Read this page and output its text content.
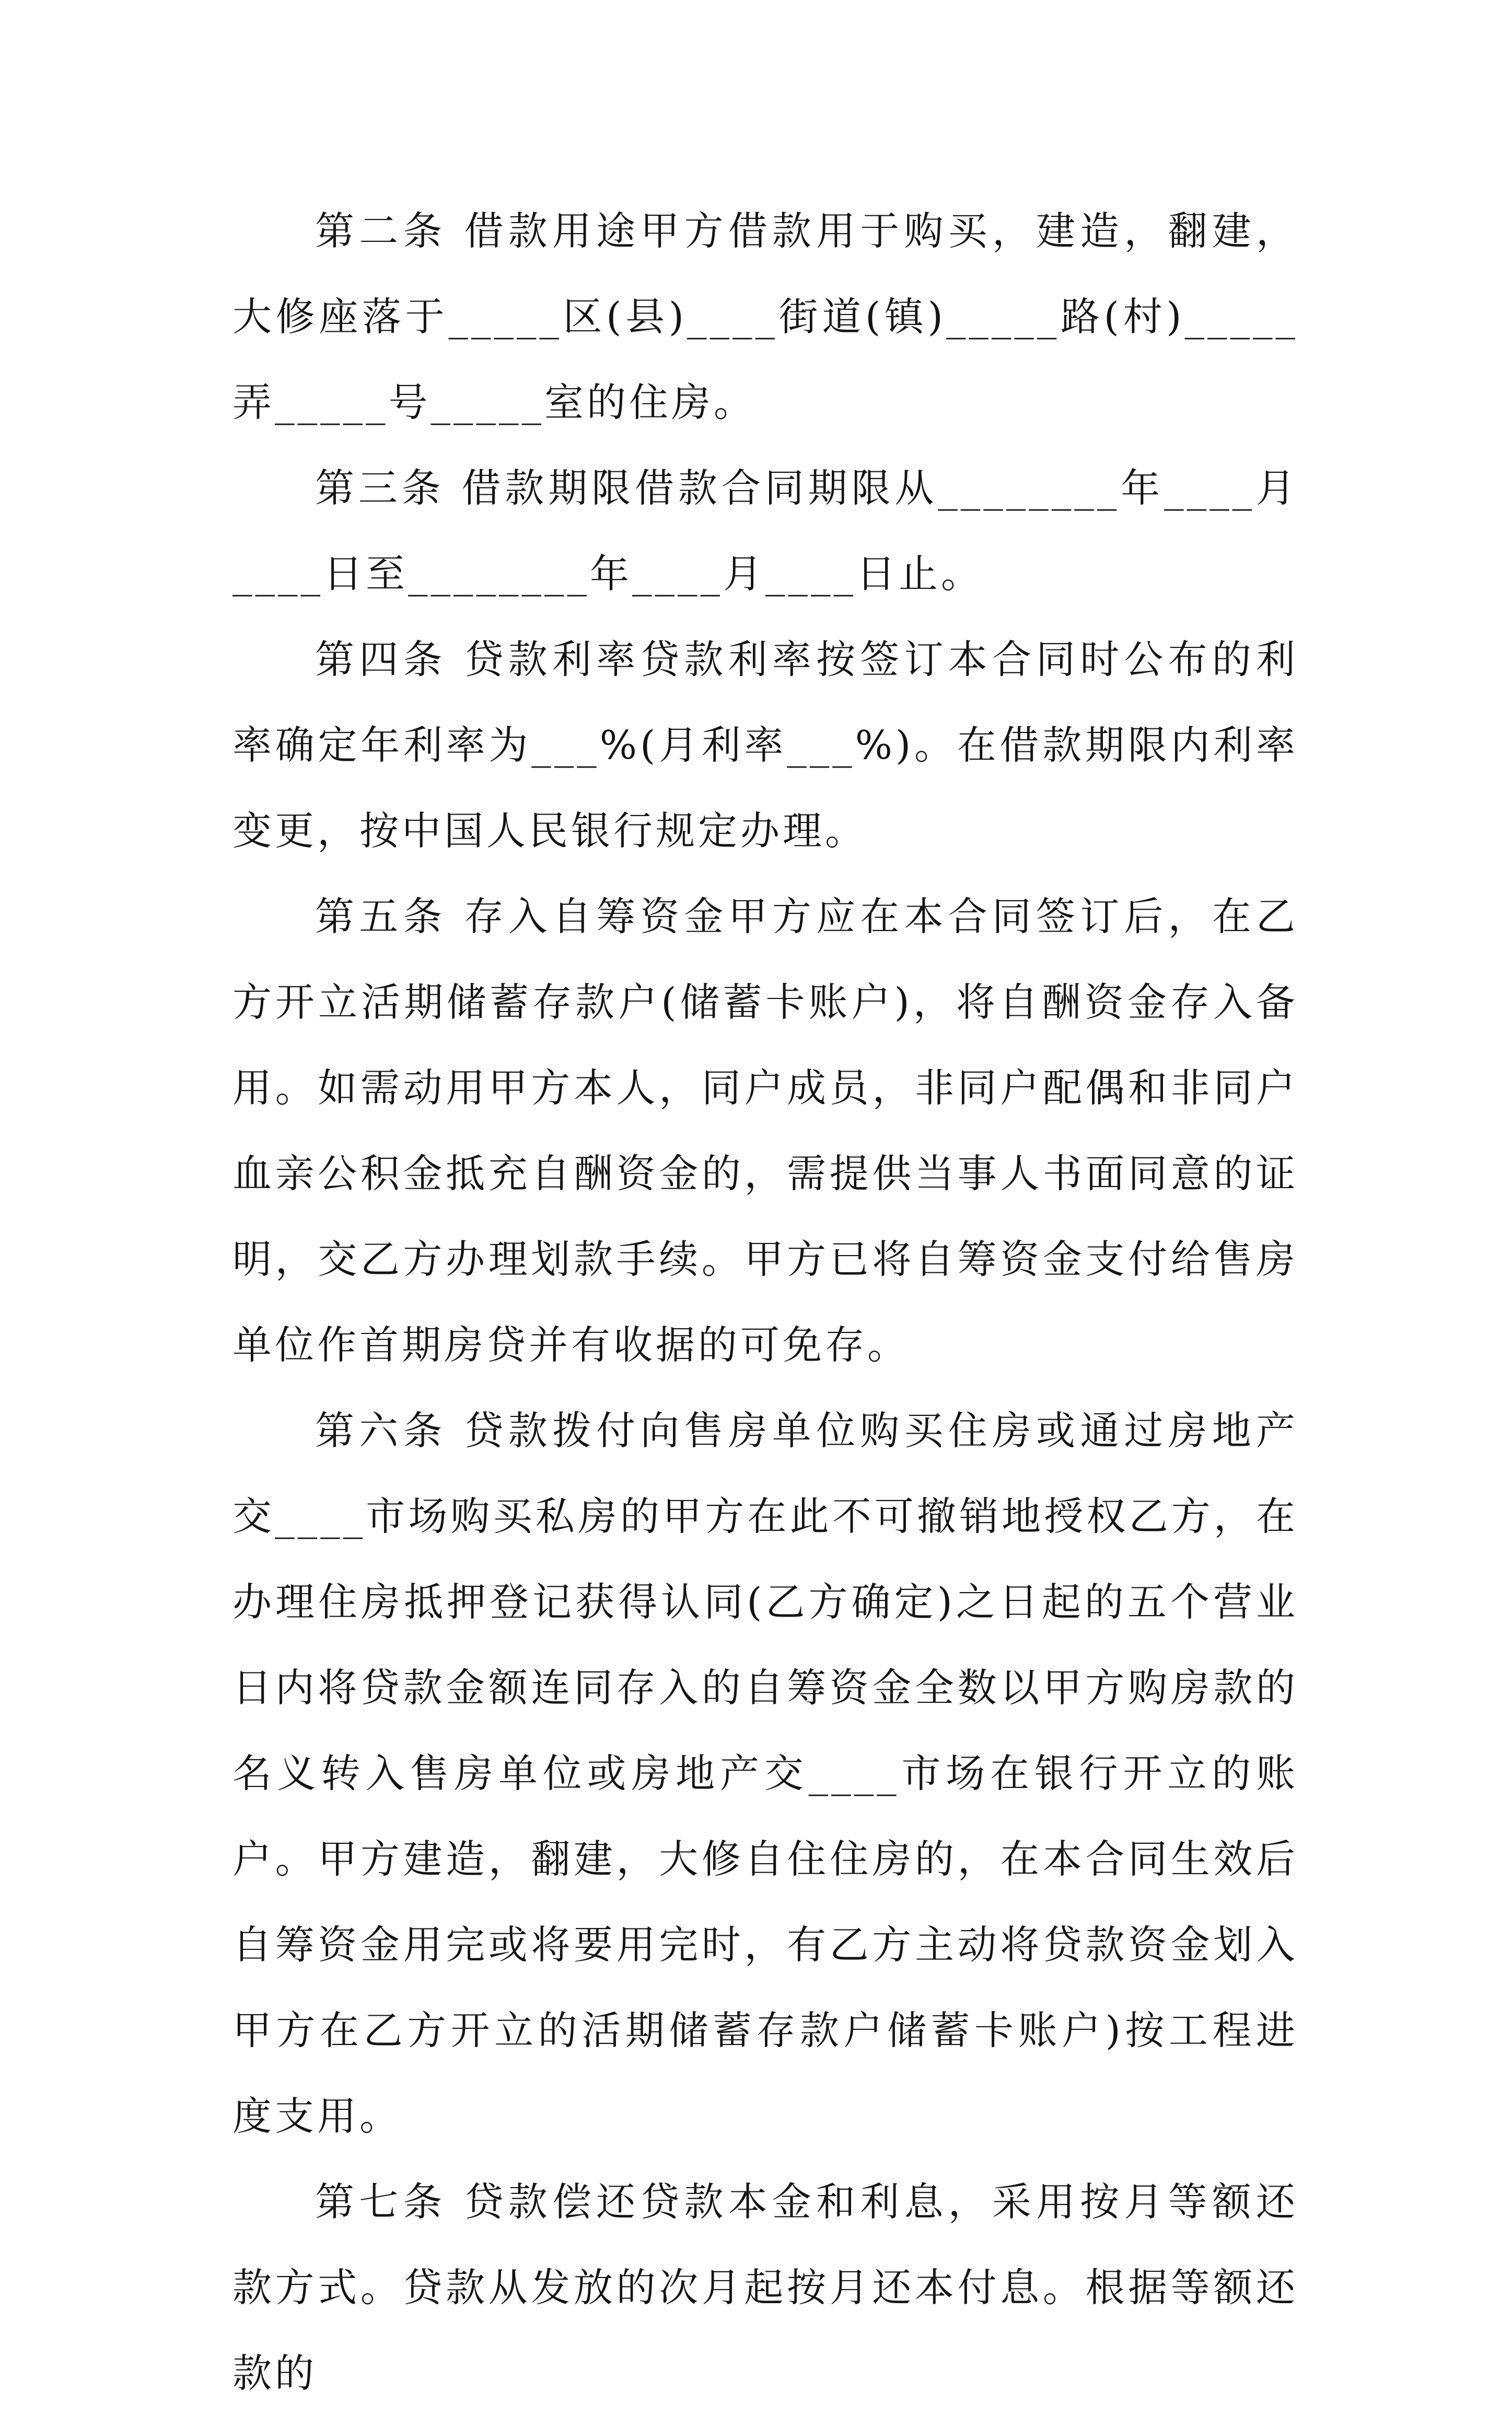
第二条 借款用途甲方借款用于购买，建造，翻建，大修座落于_____区(县)____街道(镇)_____路(村)_____弄_____号_____室的住房。

第三条 借款期限借款合同期限从________年____月____日至________年____月____日止。

第四条 贷款利率贷款利率按签订本合同时公布的利率确定年利率为___%(月利率___%)。在借款期限内利率变更，按中国人民银行规定办理。

第五条 存入自筹资金甲方应在本合同签订后，在乙方开立活期储蓄存款户(储蓄卡账户)，将自酬资金存入备用。如需动用甲方本人，同户成员，非同户配偶和非同户血亲公积金抵充自酬资金的，需提供当事人书面同意的证明，交乙方办理划款手续。甲方已将自筹资金支付给售房单位作首期房贷并有收据的可免存。

第六条 贷款拨付向售房单位购买住房或通过房地产交____市场购买私房的甲方在此不可撤销地授权乙方，在办理住房抵押登记获得认同(乙方确定)之日起的五个营业日内将贷款金额连同存入的自筹资金全数以甲方购房款的名义转入售房单位或房地产交____市场在银行开立的账户。甲方建造，翻建，大修自住住房的，在本合同生效后自筹资金用完或将要用完时，有乙方主动将贷款资金划入甲方在乙方开立的活期储蓄存款户储蓄卡账户)按工程进度支用。

第七条 贷款偿还贷款本金和利息，采用按月等额还款方式。贷款从发放的次月起按月还本付息。根据等额还款的
